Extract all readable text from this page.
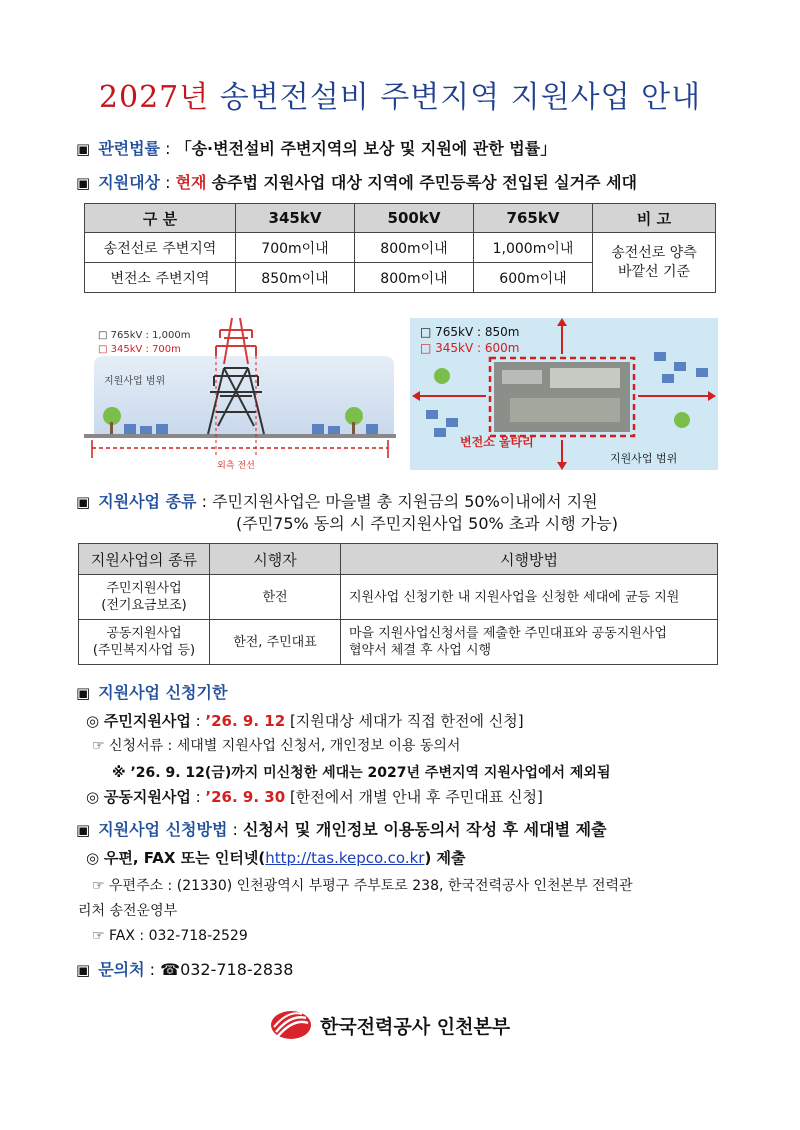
2027년 송변전설비 주변지역 지원사업 안내
▣ 관련법률 : 「송·변전설비 주변지역의 보상 및 지원에 관한 법률」
▣ 지원대상 : 현재 송주법 지원사업 대상 지역에 주민등록상 전입된 실거주 세대
구 분	345kV	500kV	765kV	비 고
송전선로 주변지역	700m이내	800m이내	1,000m이내	송전선로 양측
바깥선 기준
변전소 주변지역	850m이내	800m이내	600m이내	
□ 765kV : 1,000m
□ 345kV : 700m
지원사업 범위
외측 전선
□ 765kV : 850m
□ 345kV : 600m
변전소 울타리
지원사업 범위
▣ 지원사업 종류 : 주민지원사업은 마을별 총 지원금의 50%이내에서 지원
(주민75% 동의 시 주민지원사업 50% 초과 시행 가능)
지원사업의 종류	시행자	시행방법
주민지원사업
(전기요금보조)	한전	지원사업 신청기한 내 지원사업을 신청한 세대에 균등 지원
공동지원사업
(주민복지사업 등)	한전, 주민대표	마을 지원사업신청서를 제출한 주민대표와 공동지원사업
협약서 체결 후 사업 시행
▣ 지원사업 신청기한
◎ 주민지원사업 : ’26. 9. 12 [지원대상 세대가 직접 한전에 신청]
☞ 신청서류 : 세대별 지원사업 신청서, 개인정보 이용 동의서
※ ’26. 9. 12(금)까지 미신청한 세대는 2027년 주변지역 지원사업에서 제외됨
◎ 공동지원사업 : ’26. 9. 30 [한전에서 개별 안내 후 주민대표 신청]
▣ 지원사업 신청방법 : 신청서 및 개인정보 이용동의서 작성 후 세대별 제출
◎ 우편, FAX 또는 인터넷(http://tas.kepco.co.kr) 제출
☞ 우편주소 : (21330) 인천광역시 부평구 주부토로 238, 한국전력공사 인천본부 전력관
리처 송전운영부
☞ FAX : 032-718-2529
▣ 문의처 : ☎032-718-2838
한국전력공사 인천본부
